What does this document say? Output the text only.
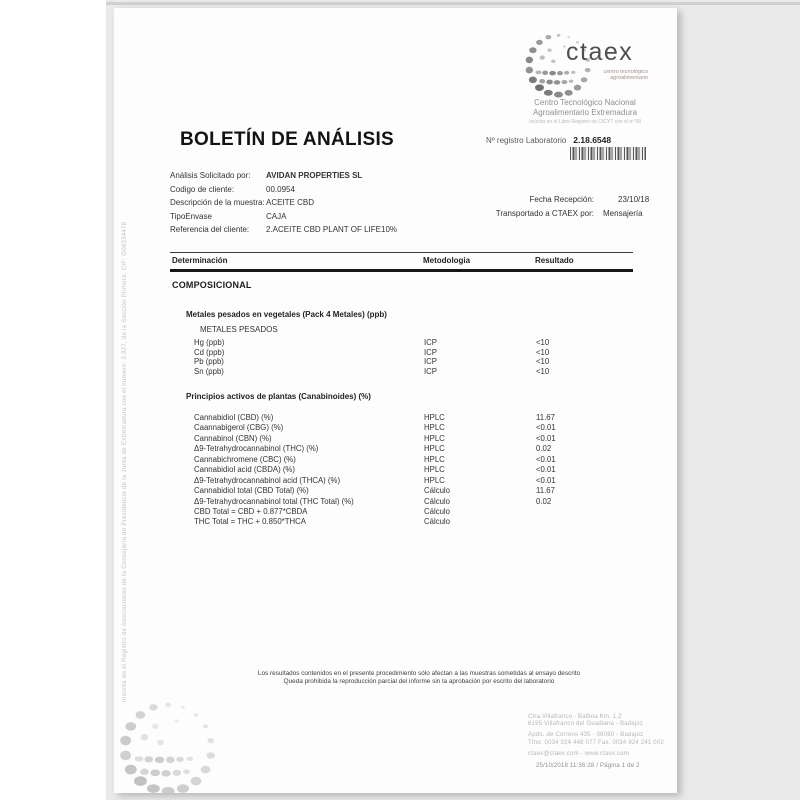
ctaex
centro tecnológico
agroalimentario
Centro Tecnológico Nacional
Agroalimentario Extremadura
Inscrita en el Libro Registro de CICYT con el nº 58
Nº registro Laboratorio 2.18.6548
BOLETÍN DE ANÁLISIS
Análisis Solicitado por:	AVIDAN PROPERTIES SL
Codigo de cliente:	00.0954
Descripción de la muestra: ACEITE CBD
TipoEnvase	CAJA
Referencia del cliente:	2.ACEITE CBD PLANT OF LIFE10%
Fecha Recepción:	23/10/18
Transportado a CTAEX por: Mensajería
Determinación	Metodologia	Resultado
COMPOSICIONAL
Metales pesados en vegetales (Pack 4 Metales) (ppb)
METALES PESADOS
Hg (ppb)	ICP	<10
Cd (ppb)	ICP	<10
Pb (ppb)	ICP	<10
Sn (ppb)	ICP	<10
Principios activos de plantas (Canabinoides) (%)
Cannabidiol (CBD) (%)	HPLC	11.67
Caannabigerol (CBG) (%)	HPLC	<0.01
Cannabinol (CBN) (%)	HPLC	<0.01
Δ9-Tetrahydrocannabinol (THC) (%)	HPLC	0.02
Cannabichromene (CBC) (%)	HPLC	<0.01
Cannabidiol acid (CBDA) (%)	HPLC	<0.01
Δ9-Tetrahydrocannabinol acid (THCA) (%)	HPLC	<0.01
Cannabidiol total (CBD Total) (%)	Cálculo	11.67
Δ9-Tetrahydrocannabinol total (THC Total) (%)	Cálculo	0.02
CBD Total = CBD + 0.877*CBDA	Cálculo
THC Total = THC + 0.850*THCA	Cálculo
Los resultados contenidos en el presente procedimiento sólo afectan a las muestras sometidas al ensayo descrito
Queda prohibida la reproducción parcial del informe sin la aprobación por escrito del laboratorio
Ctra.Villafranco - Balboa Km. 1,2
6195 Villafranco del Guadiana - Badajoz
Apdo. de Correos 435 - 06080 - Badajoz
Tfno. 0034 924 448 077 Fax. 0034 924 241 002
ctaex@ctaex.com - www.ctaex.com
25/10/2018 11:36:28 / Página 1 de 2
Inscrita en el Registro de Asociaciones de la Consejería de Presidencia de la Junta de Extremadura con el número: 3.927, de la Sección Primera, CIF: G06334478
